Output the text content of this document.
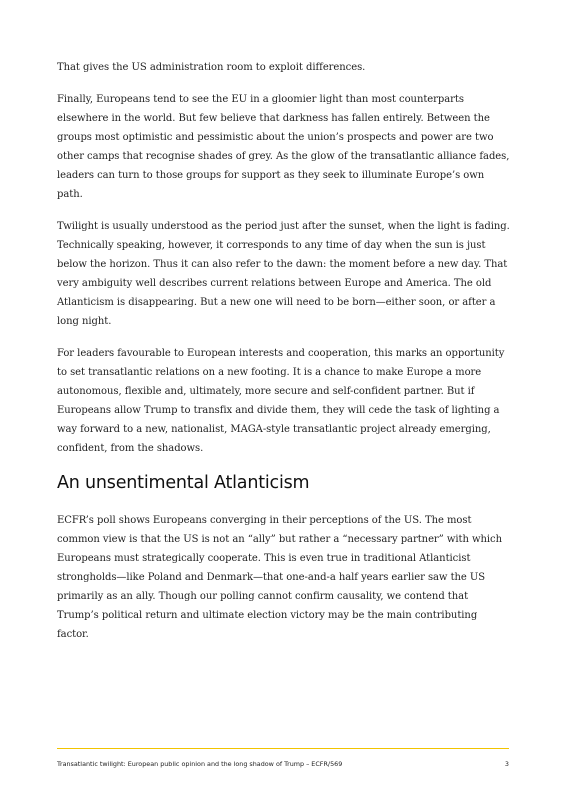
That gives the US administration room to exploit differences.

Finally, Europeans tend to see the EU in a gloomier light than most counterparts elsewhere in the world. But few believe that darkness has fallen entirely. Between the groups most optimistic and pessimistic about the union’s prospects and power are two other camps that recognise shades of grey. As the glow of the transatlantic alliance fades, leaders can turn to those groups for support as they seek to illuminate Europe’s own path.

Twilight is usually understood as the period just after the sunset, when the light is fading. Technically speaking, however, it corresponds to any time of day when the sun is just below the horizon. Thus it can also refer to the dawn: the moment before a new day. That very ambiguity well describes current relations between Europe and America. The old Atlanticism is disappearing. But a new one will need to be born—either soon, or after a long night.

For leaders favourable to European interests and cooperation, this marks an opportunity to set transatlantic relations on a new footing. It is a chance to make Europe a more autonomous, flexible and, ultimately, more secure and self-confident partner. But if Europeans allow Trump to transfix and divide them, they will cede the task of lighting a way forward to a new, nationalist, MAGA-style transatlantic project already emerging, confident, from the shadows.

An unsentimental Atlanticism

ECFR’s poll shows Europeans converging in their perceptions of the US. The most common view is that the US is not an “ally” but rather a “necessary partner” with which Europeans must strategically cooperate. This is even true in traditional Atlanticist strongholds—like Poland and Denmark—that one-and-a half years earlier saw the US primarily as an ally. Though our polling cannot confirm causality, we contend that Trump’s political return and ultimate election victory may be the main contributing factor.

Transatlantic twilight: European public opinion and the long shadow of Trump – ECFR/569	3
